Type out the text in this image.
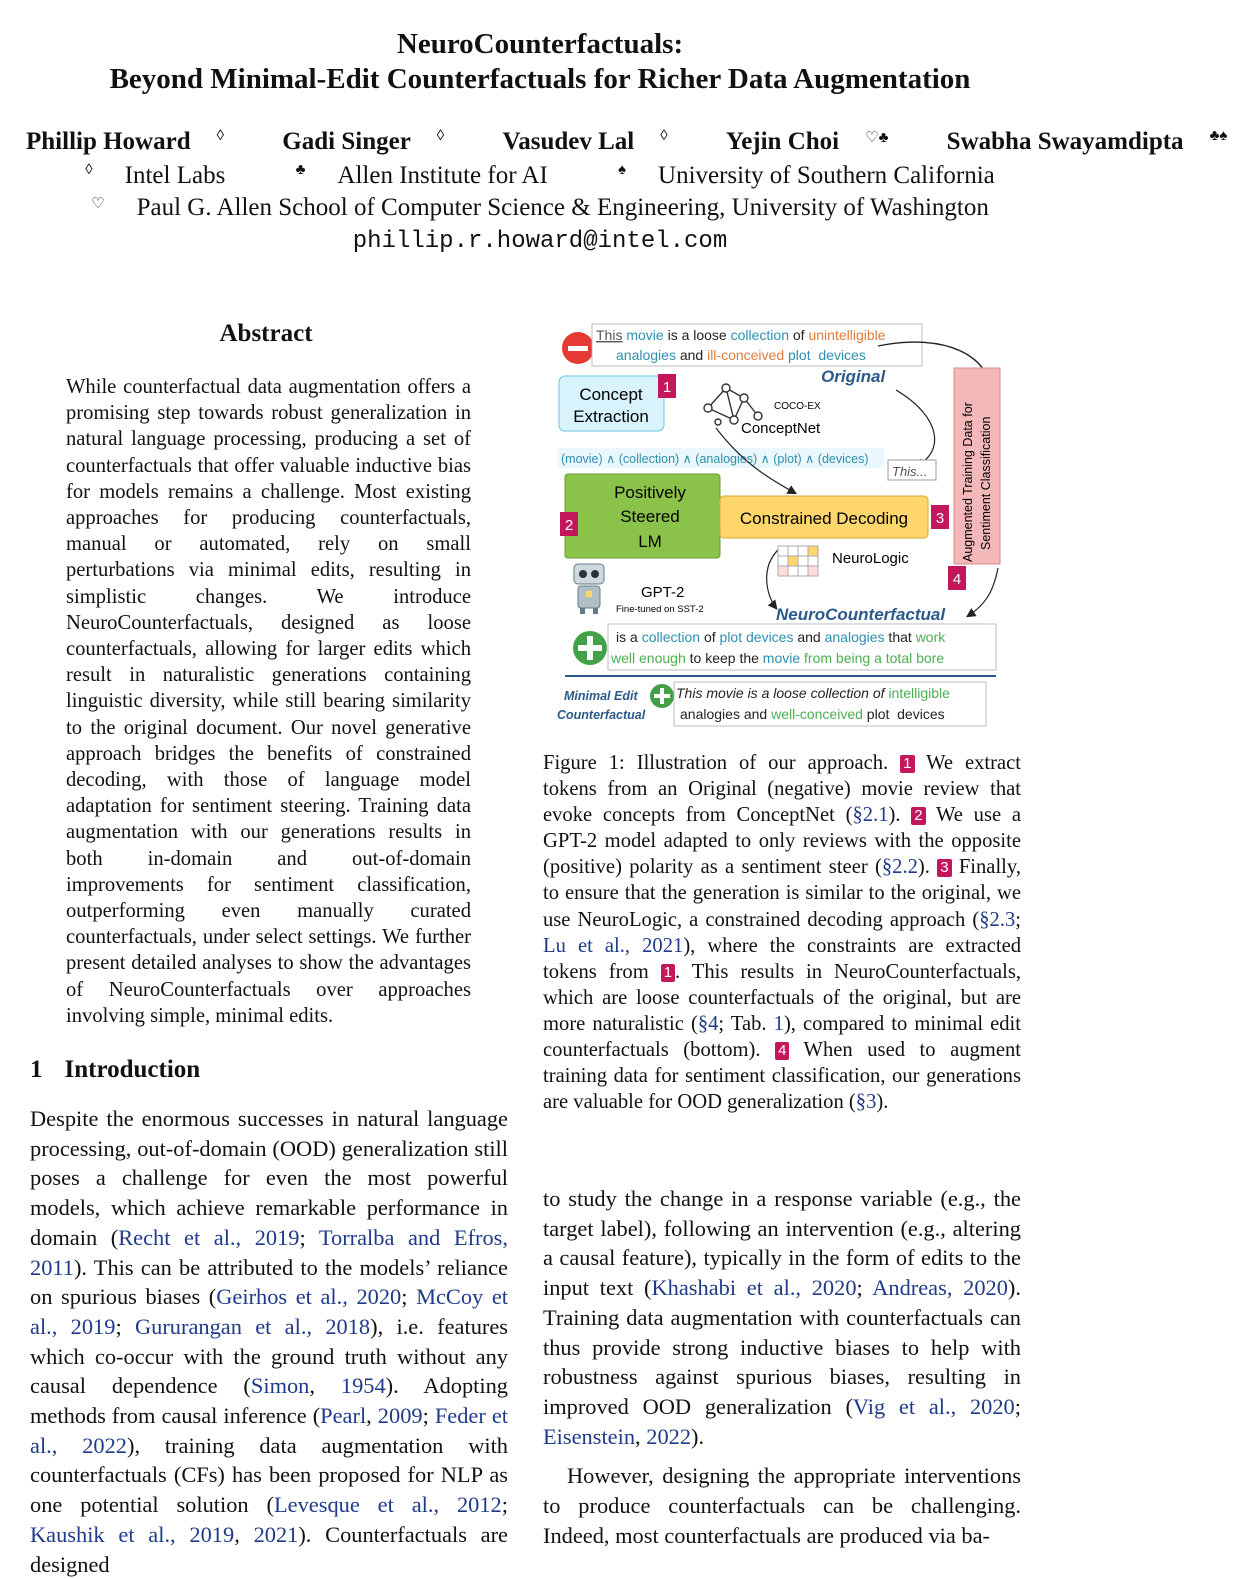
NeuroCounterfactuals:
Beyond Minimal-Edit Counterfactuals for Richer Data Augmentation
Phillip Howard ◊ Gadi Singer ◊ Vasudev Lal ◊ Yejin Choi ♡♣ Swabha Swayamdipta ♣♠
◊ Intel Labs	♣ Allen Institute for AI	♠ University of Southern California
♡ Paul G. Allen School of Computer Science & Engineering, University of Washington
phillip.r.howard@intel.com
Abstract
While counterfactual data augmentation offers a promising step towards robust generalization in natural language processing, producing a set of counterfactuals that offer valuable inductive bias for models remains a challenge. Most existing approaches for producing counterfactuals, manual or automated, rely on small perturbations via minimal edits, resulting in simplistic changes. We introduce NeuroCounterfactuals, designed as loose counterfactuals, allowing for larger edits which result in naturalistic generations containing linguistic diversity, while still bearing similarity to the original document. Our novel generative approach bridges the benefits of constrained decoding, with those of language model adaptation for sentiment steering. Training data augmentation with our generations results in both in-domain and out-of-domain improvements for sentiment classification, outperforming even manually curated counterfactuals, under select settings. We further present detailed analyses to show the advantages of NeuroCounterfactuals over approaches involving simple, minimal edits.
1 Introduction
Despite the enormous successes in natural language processing, out-of-domain (OOD) generalization still poses a challenge for even the most powerful models, which achieve remarkable performance in domain (Recht et al., 2019; Torralba and Efros, 2011). This can be attributed to the models’ reliance on spurious biases (Geirhos et al., 2020; McCoy et al., 2019; Gururangan et al., 2018), i.e. features which co-occur with the ground truth without any causal dependence (Simon, 1954). Adopting methods from causal inference (Pearl, 2009; Feder et al., 2022), training data augmentation with counterfactuals (CFs) has been proposed for NLP as one potential solution (Levesque et al., 2012; Kaushik et al., 2019, 2021). Counterfactuals are designed
This movie is a loose collection of unintelligible
analogies and ill-conceived plot  devices
Original
Concept
Extraction
1
COCO-EX
ConceptNet
(movie) ∧ (collection) ∧ (analogies) ∧ (plot) ∧ (devices)
This...
Positively
Steered
LM
2	Constrained Decoding 3
NeuroLogic
GPT-2
Fine-tuned on SST-2	NeuroCounterfactual
is a collection of plot devices and analogies that work
well enough to keep the movie from being a total bore
Minimal Edit
Counterfactual
This movie is a loose collection of intelligible
analogies and well-conceived plot  devices
Augmented Training Data for Sentiment Classification
4
Figure 1: Illustration of our approach. 1 We extract tokens from an Original (negative) movie review that evoke concepts from ConceptNet (§2.1). 2 We use a GPT-2 model adapted to only reviews with the opposite (positive) polarity as a sentiment steer (§2.2). 3 Finally, to ensure that the generation is similar to the original, we use NeuroLogic, a constrained decoding approach (§2.3; Lu et al., 2021), where the constraints are extracted tokens from 1 . This results in NeuroCounterfactuals, which are loose counterfactuals of the original, but are more naturalistic (§4; Tab. 1), compared to minimal edit counterfactuals (bottom). 4 When used to augment training data for sentiment classification, our generations are valuable for OOD generalization (§3).

to study the change in a response variable (e.g., the target label), following an intervention (e.g., altering a causal feature), typically in the form of edits to the input text (Khashabi et al., 2020; Andreas, 2020). Training data augmentation with counterfactuals can thus provide strong inductive biases to help with robustness against spurious biases, resulting in improved OOD generalization (Vig et al., 2020; Eisenstein, 2022).

However, designing the appropriate interventions to produce counterfactuals can be challenging. Indeed, most counterfactuals are produced via ba-
